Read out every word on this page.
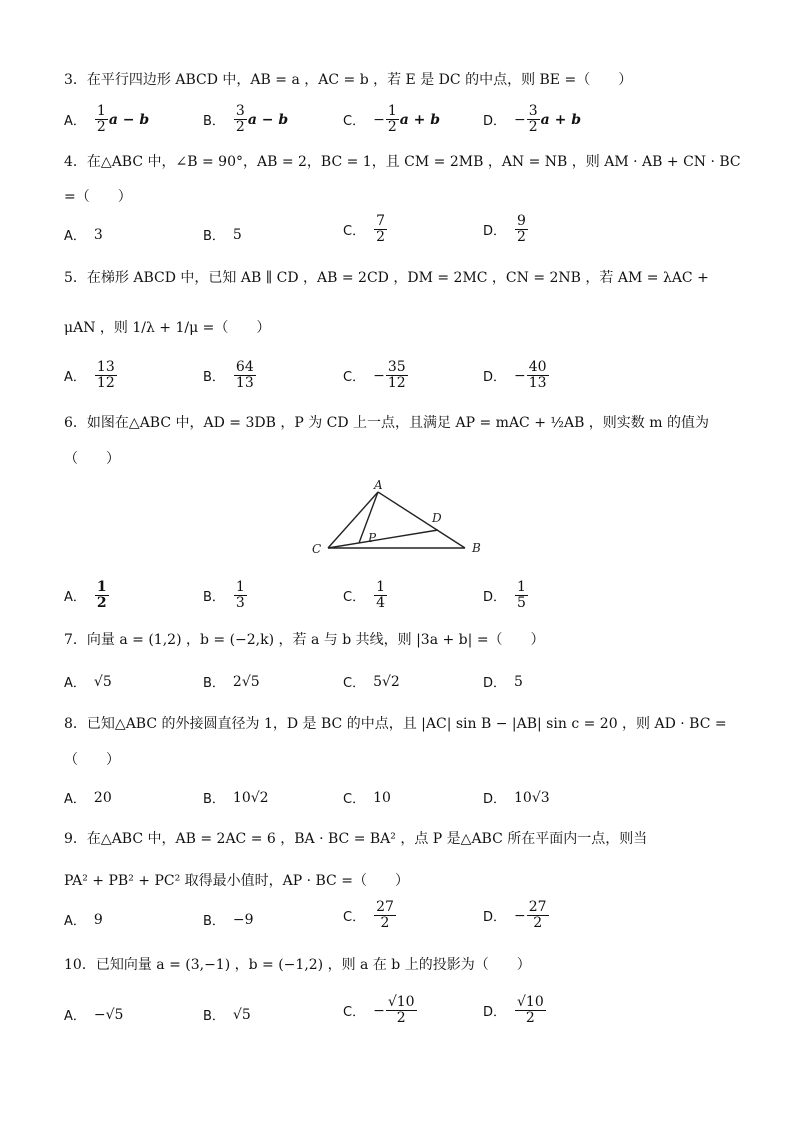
3．在平行四边形 ABCD 中，AB = a ，AC = b ，若 E 是 DC 的中点，则 BE =（　　）
A． $\frac{1}{2}$ a − b	B． $\frac{3}{2}$ a − b	C． − $\frac{1}{2}$ a + b	D． − $\frac{3}{2}$ a + b
4．在△ABC 中，∠B = 90°，AB = 2，BC = 1，且 CM = 2MB ，AN = NB ，则 AM · AB + CN · BC
=（　　）
A． 3	B． 5	C． $\frac{7}{2}$	D． $\frac{9}{2}$
5．在梯形 ABCD 中，已知 AB ∥ CD ，AB = 2CD ，DM = 2MC ，CN = 2NB ，若 AM = λAC +
μAN ，则 1/λ + 1/μ =（　　）
A． $\frac{13}{12}$	B． $\frac{64}{13}$	C． − $\frac{35}{12}$	D． − $\frac{40}{13}$
6．如图在△ABC 中，AD = 3DB ，P 为 CD 上一点，且满足 AP = mAC + ½AB ，则实数 m 的值为
（　　）
A
B
C
D
P
A． $\frac{1}{2}$	B． $\frac{1}{3}$	C． $\frac{1}{4}$	D． $\frac{1}{5}$
7．向量 a = (1,2) ，b = (−2,k) ，若 a 与 b 共线，则 |3a + b| =（　　）
A． √5	B． 2√5	C． 5√2	D． 5
8．已知△ABC 的外接圆直径为 1，D 是 BC 的中点，且 |AC| sin B − |AB| sin c = 20 ，则 AD · BC =
（　　）
A． 20	B． 10√2	C． 10	D． 10√3
9．在△ABC 中，AB = 2AC = 6 ，BA · BC = BA² ，点 P 是△ABC 所在平面内一点，则当
PA² + PB² + PC² 取得最小值时，AP · BC =（　　）
A． 9	B． −9	C． $\frac{27}{2}$	D． − $\frac{27}{2}$
10．已知向量 a = (3,−1) ，b = (−1,2) ，则 a 在 b 上的投影为（　　）
A． −√5	B． √5	C． − $\frac{√10}{2}$	D． $\frac{√10}{2}$
